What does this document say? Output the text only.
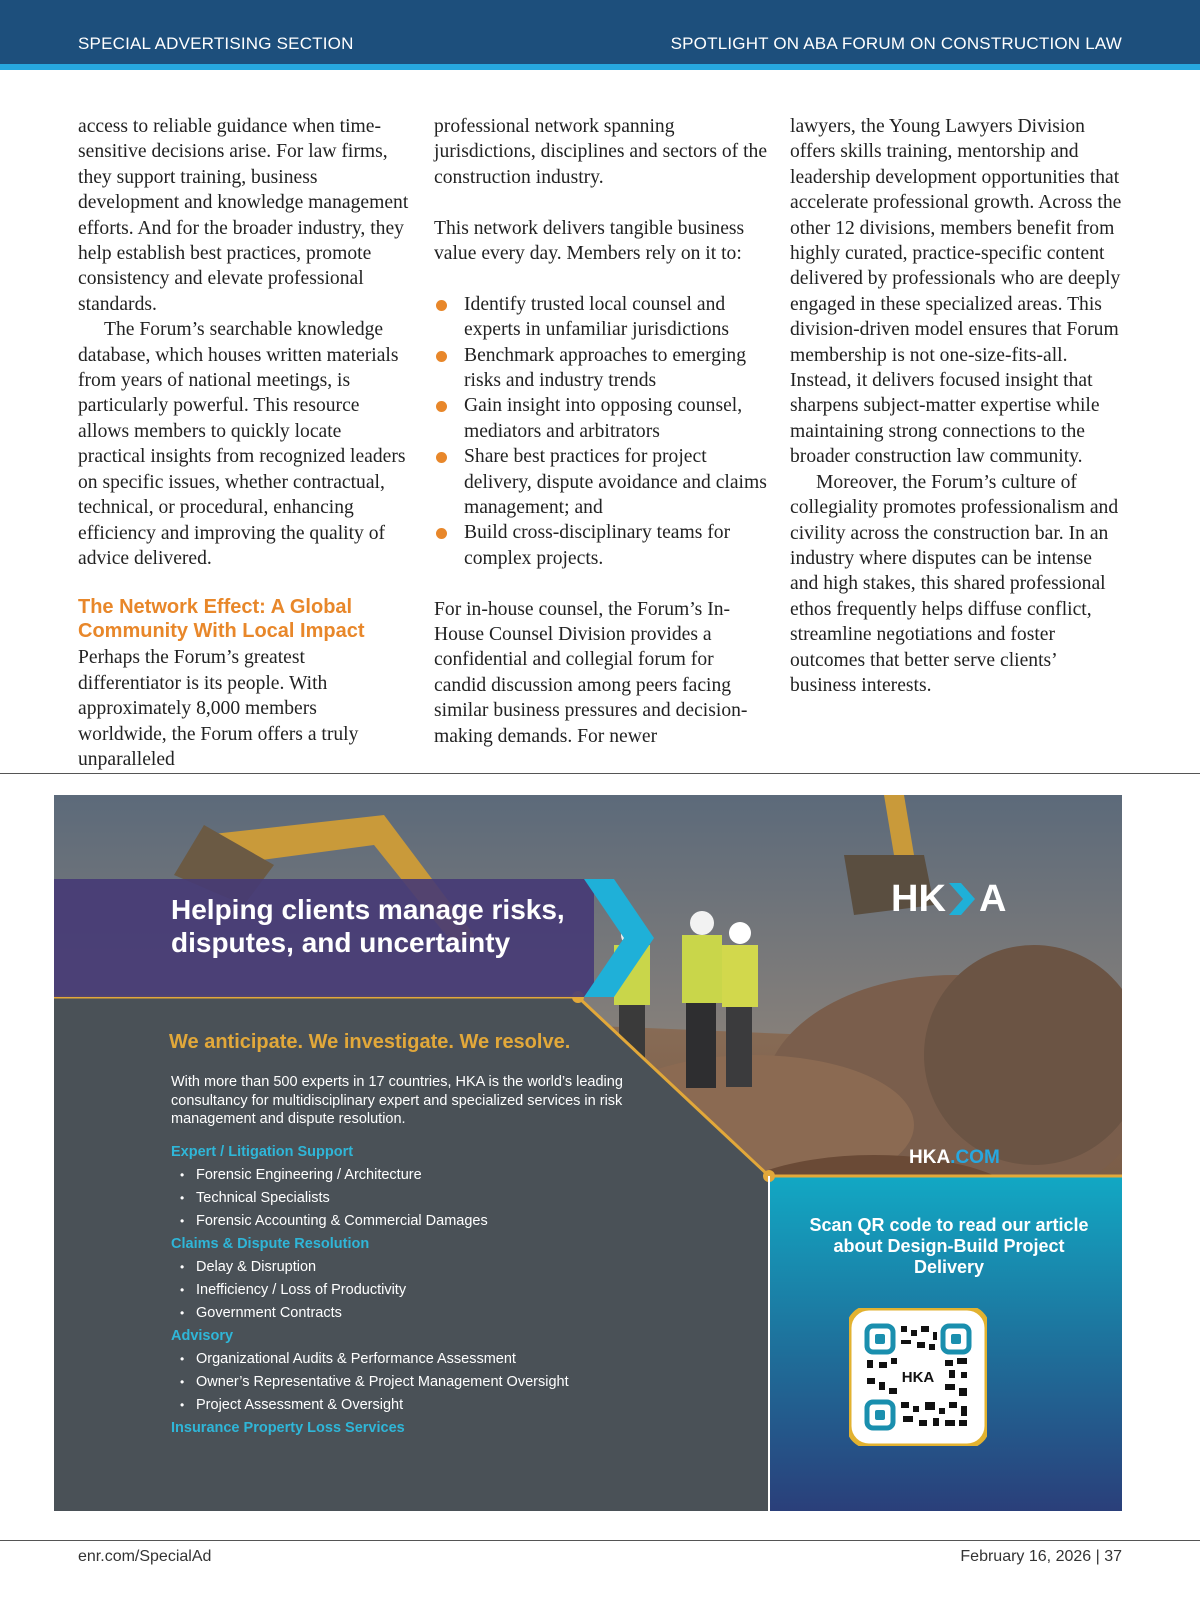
SPECIAL ADVERTISING SECTION	SPOTLIGHT ON ABA FORUM ON CONSTRUCTION LAW

access to reliable guidance when time-sensitive decisions arise. For law firms, they support training, business development and knowledge management efforts. And for the broader industry, they help establish best practices, promote consistency and elevate professional standards.

The Forum’s searchable knowledge database, which houses written materials from years of national meetings, is particularly powerful. This resource allows members to quickly locate practical insights from recognized leaders on specific issues, whether contractual, technical, or procedural, enhancing efficiency and improving the quality of advice delivered.

The Network Effect: A Global Community With Local Impact

Perhaps the Forum’s greatest differentiator is its people. With approximately 8,000 members worldwide, the Forum offers a truly unparalleled

professional network spanning jurisdictions, disciplines and sectors of the construction industry.

This network delivers tangible business value every day. Members rely on it to:

Identify trusted local counsel and experts in unfamiliar jurisdictions
Benchmark approaches to emerging risks and industry trends
Gain insight into opposing counsel, mediators and arbitrators
Share best practices for project delivery, dispute avoidance and claims management; and
Build cross-disciplinary teams for complex projects.

For in-house counsel, the Forum’s In-House Counsel Division provides a confidential and collegial forum for candid discussion among peers facing similar business pressures and decision-making demands. For newer

lawyers, the Young Lawyers Division offers skills training, mentorship and leadership development opportunities that accelerate professional growth. Across the other 12 divisions, members benefit from highly curated, practice-specific content delivered by professionals who are deeply engaged in these specialized areas. This division-driven model ensures that Forum membership is not one-size-fits-all. Instead, it delivers focused insight that sharpens subject-matter expertise while maintaining strong connections to the broader construction law community.

Moreover, the Forum’s culture of collegiality promotes professionalism and civility across the construction bar. In an industry where disputes can be intense and high stakes, this shared professional ethos frequently helps diffuse conflict, streamline negotiations and foster outcomes that better serve clients’ business interests.

Helping clients manage risks, disputes, and uncertainty
HK A
We anticipate. We investigate. We resolve.
With more than 500 experts in 17 countries, HKA is the world’s leading consultancy for multidisciplinary expert and specialized services in risk management and dispute resolution.
Expert / Litigation Support
• Forensic Engineering / Architecture
• Technical Specialists
• Forensic Accounting & Commercial Damages
Claims & Dispute Resolution
• Delay & Disruption
• Inefficiency / Loss of Productivity
• Government Contracts
Advisory
• Organizational Audits & Performance Assessment
• Owner’s Representative & Project Management Oversight
• Project Assessment & Oversight
Insurance Property Loss Services
HKA.COM
Scan QR code to read our article about Design-Build Project Delivery
HKA
enr.com/SpecialAd	February 16, 2026 | 37
